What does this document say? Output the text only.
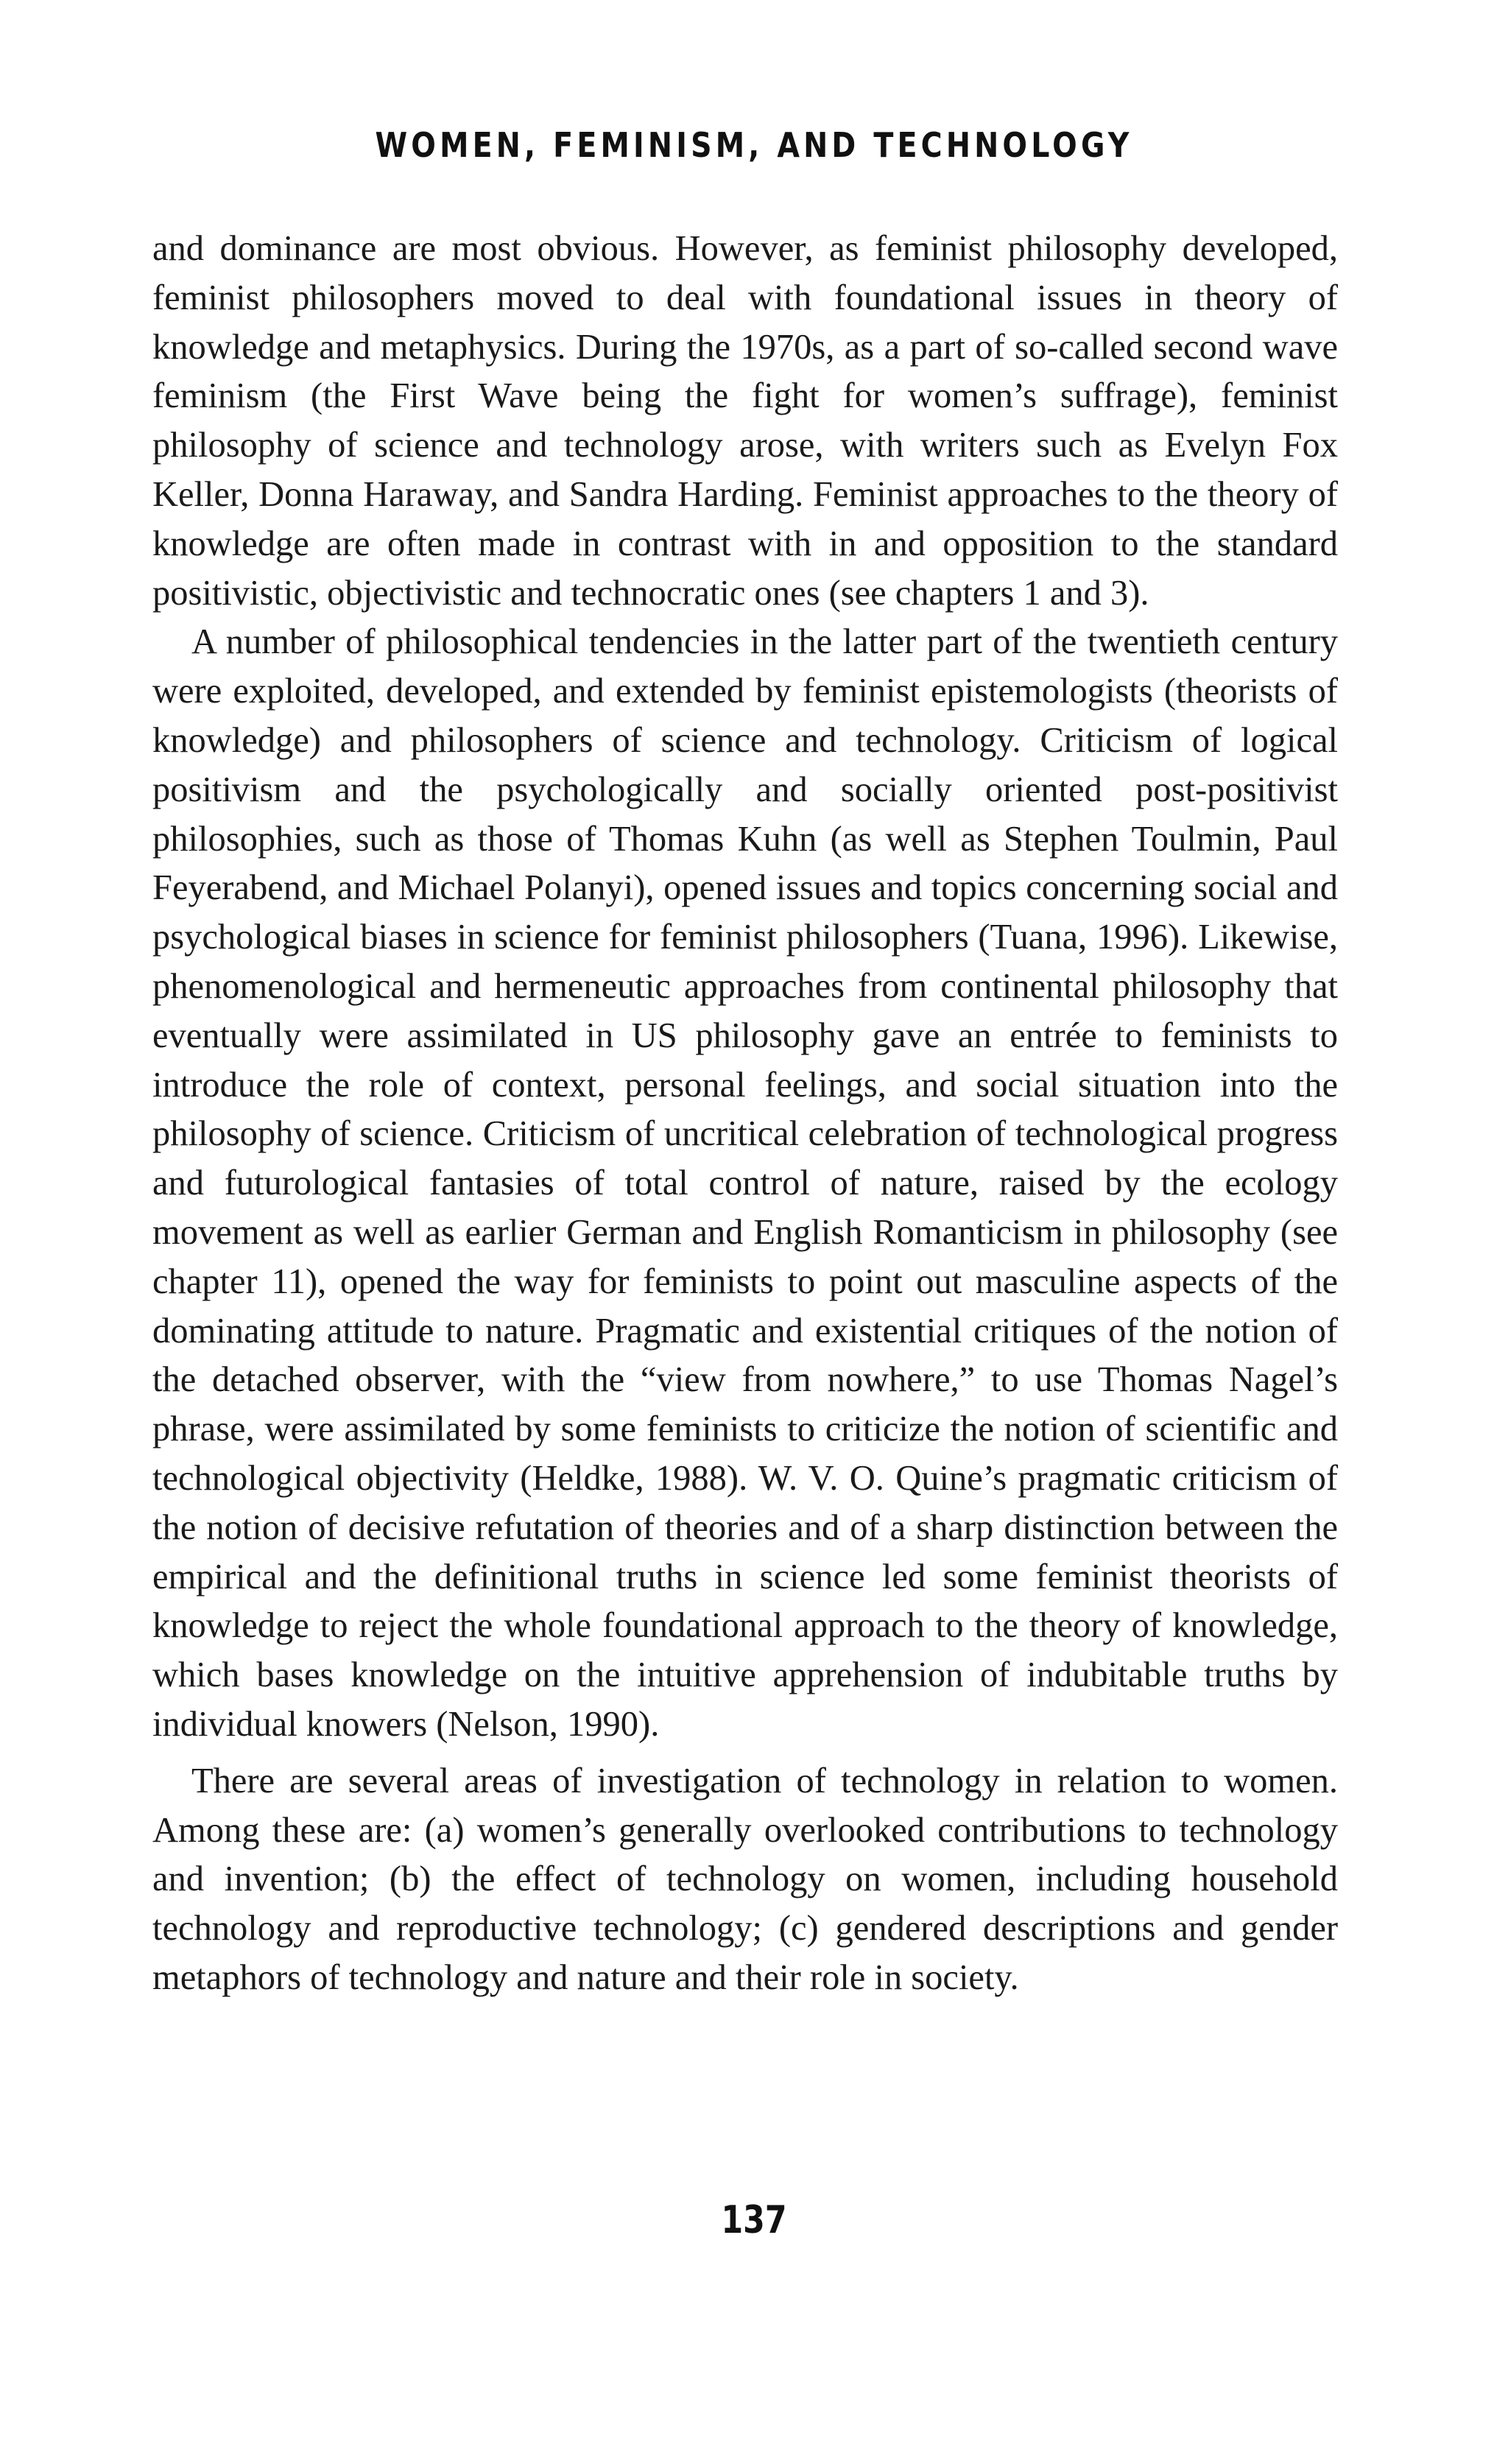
WOMEN, FEMINISM, AND TECHNOLOGY

and dominance are most obvious. However, as feminist philosophy developed, feminist philosophers moved to deal with foundational issues in theory of knowledge and metaphysics. During the 1970s, as a part of so-called second wave feminism (the First Wave being the fight for women’s suffrage), feminist philosophy of science and technology arose, with writers such as Evelyn Fox Keller, Donna Haraway, and Sandra Harding. Feminist approaches to the theory of knowledge are often made in contrast with in and opposition to the standard positivistic, objectivistic and technocratic ones (see chapters 1 and 3).

A number of philosophical tendencies in the latter part of the twentieth century were exploited, developed, and extended by feminist epistemologists (theorists of knowledge) and philosophers of science and technology. Criticism of logical positivism and the psychologically and socially oriented post-positivist philosophies, such as those of Thomas Kuhn (as well as Stephen Toulmin, Paul Feyerabend, and Michael Polanyi), opened issues and topics concerning social and psychological biases in science for feminist philosophers (Tuana, 1996). Likewise, phenomenological and hermeneutic approaches from continental philosophy that eventually were assimilated in US philosophy gave an entrée to feminists to introduce the role of context, personal feelings, and social situation into the philosophy of science. Criticism of uncritical celebration of technological progress and futurological fantasies of total control of nature, raised by the ecology movement as well as earlier German and English Romanticism in philosophy (see chapter 11), opened the way for feminists to point out masculine aspects of the dominating attitude to nature. Pragmatic and existential critiques of the notion of the detached observer, with the “view from nowhere,” to use Thomas Nagel’s phrase, were assimilated by some feminists to criticize the notion of scientific and technological objectivity (Heldke, 1988). W. V. O. Quine’s pragmatic criticism of the notion of decisive refutation of theories and of a sharp distinction between the empirical and the definitional truths in science led some feminist theorists of knowledge to reject the whole foundational approach to the theory of knowledge, which bases knowledge on the intuitive apprehension of indubitable truths by individual knowers (Nelson, 1990).

There are several areas of investigation of technology in relation to women. Among these are: (a) women’s generally overlooked contributions to technology and invention; (b) the effect of technology on women, including household technology and reproductive technology; (c) gendered descriptions and gender metaphors of technology and nature and their role in society.

137
